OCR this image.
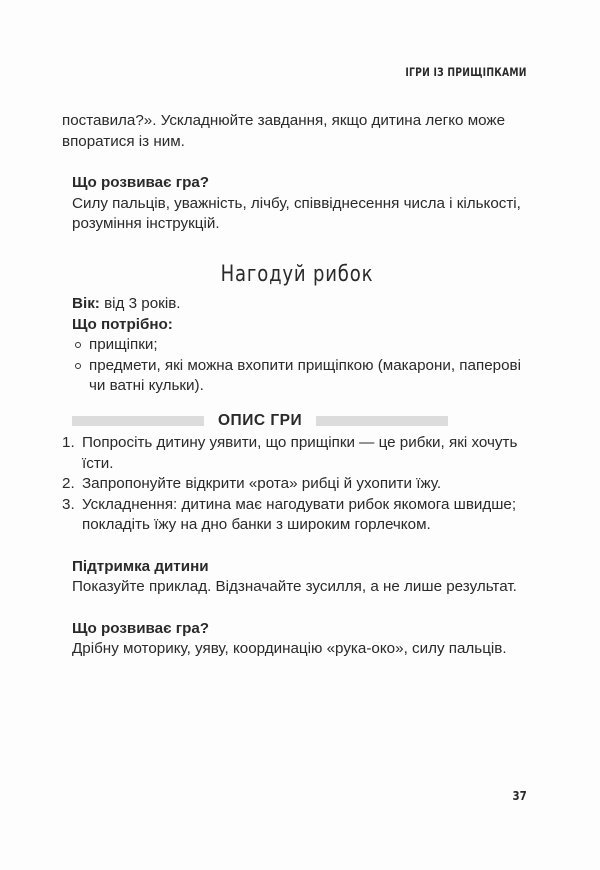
ІГРИ ІЗ ПРИЩІПКАМИ

поставила?». Ускладнюйте завдання, якщо дитина легко може впоратися із ним.

Що розвиває гра?

Силу пальців, уважність, лічбу, співвіднесення числа і кількості, розуміння інструкцій.

Нагодуй рибок

Вік: від 3 років.

Що потрібно:

прищіпки;
предмети, які можна вхопити прищіпкою (макарони, паперові чи ватні кульки).
ОПИС ГРИ
1. Попросіть дитину уявити, що прищіпки — це рибки, які хочуть їсти.
2. Запропонуйте відкрити «рота» рибці й ухопити їжу.
3. Ускладнення: дитина має нагодувати рибок якомога швидше; покладіть їжу на дно банки з широким горлечком.

Підтримка дитини

Показуйте приклад. Відзначайте зусилля, а не лише результат.

Що розвиває гра?

Дрібну моторику, уяву, координацію «рука-око», силу пальців.

37
